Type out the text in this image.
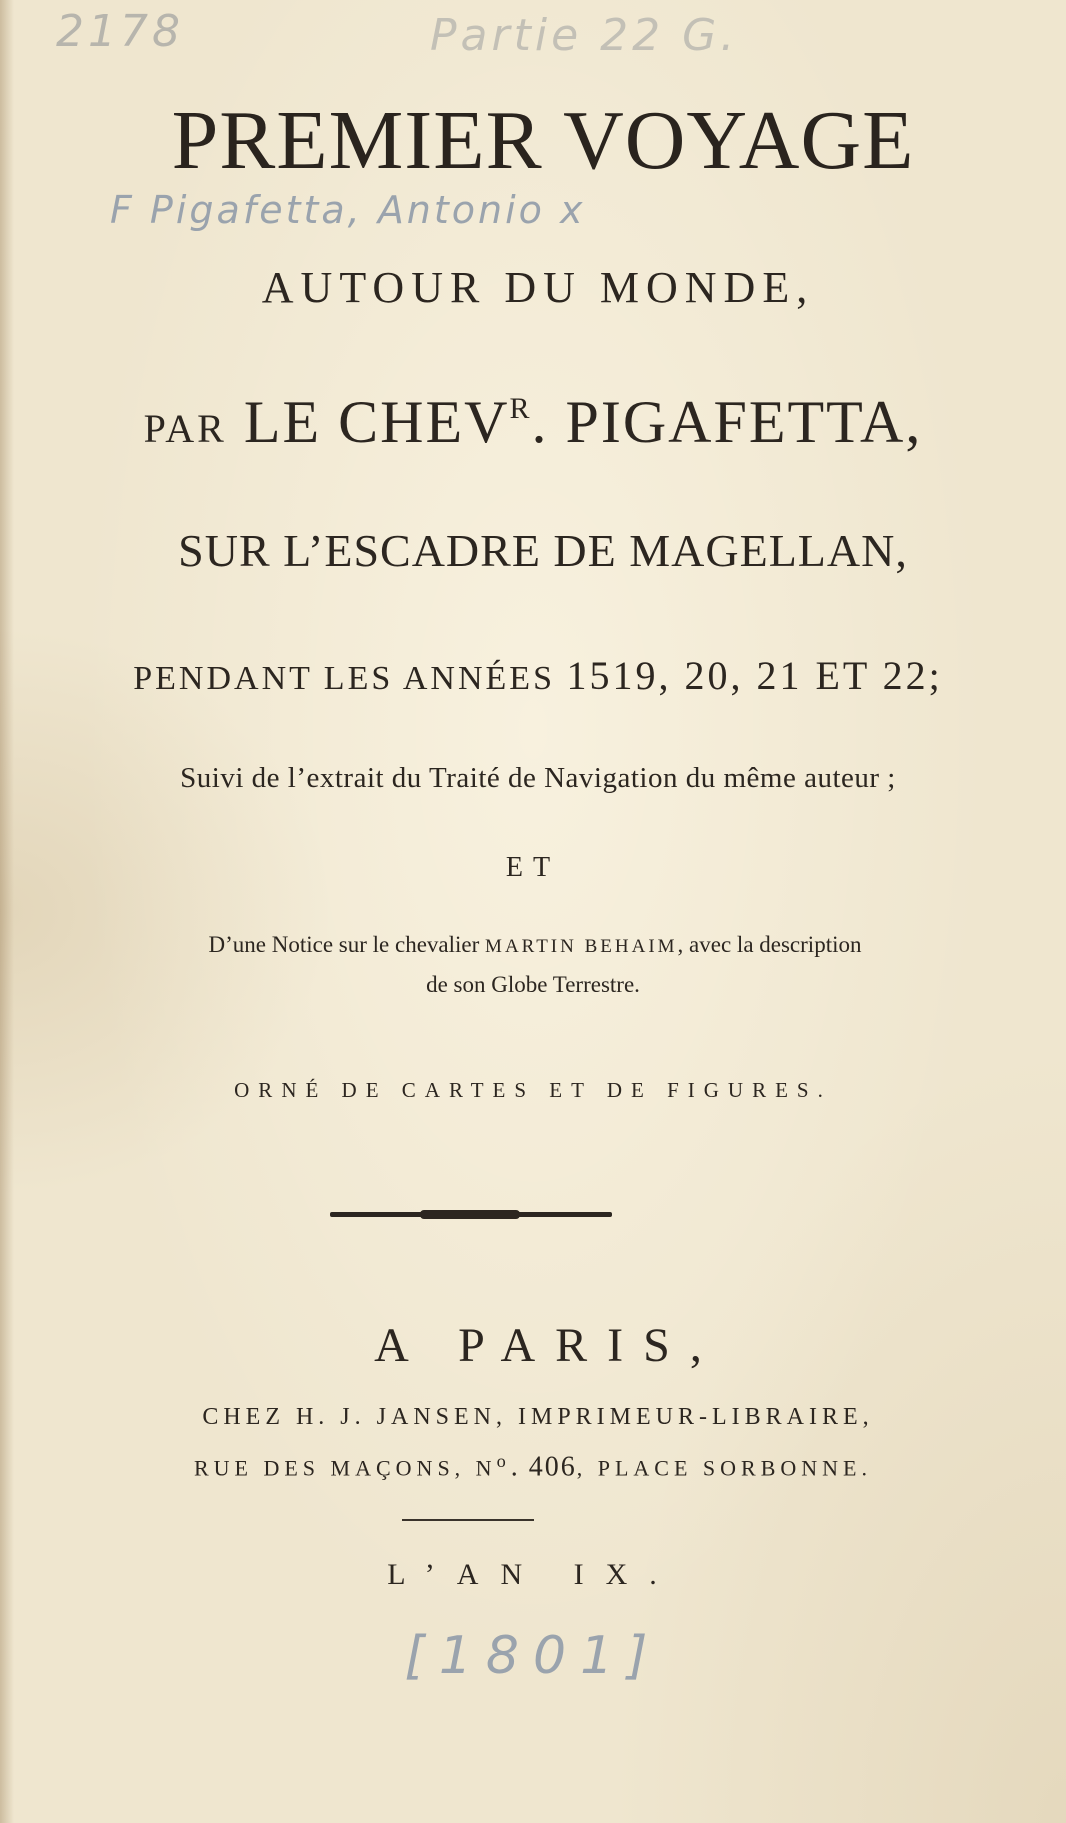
2178	Partie 22 G.
PREMIER VOYAGE
F Pigafetta, Antonio x
AUTOUR DU MONDE,
PAR LE $CHEV^R$. PIGAFETTA,
SUR L’ESCADRE DE MAGELLAN,
PENDANT LES ANNÉES 1519, 20, 21 ET 22;
Suivi de l’extrait du Traité de Navigation du même auteur ;
ET
D’une Notice sur le chevalier MARTIN BEHAIM, avec la description
de son Globe Terrestre.
ORNÉ DE CARTES ET DE FIGURES.
A PARIS,
CHEZ H. J. JANSEN, IMPRIMEUR-LIBRAIRE,
RUE DES MAÇONS, $N^o$. 406, PLACE SORBONNE.
L’AN IX.
[1801]
